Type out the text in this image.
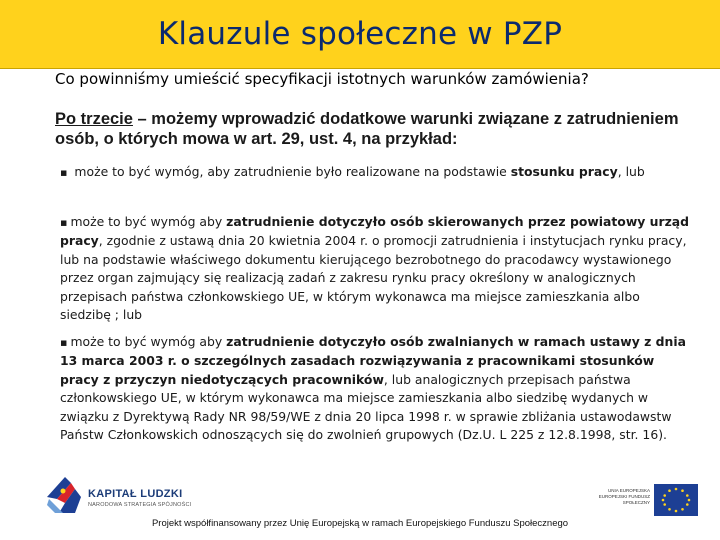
Klauzule społeczne w PZP
Co powinniśmy umieścić specyfikacji istotnych warunków zamówienia?
Po trzecie – możemy wprowadzić dodatkowe warunki związane z zatrudnieniem osób, o których mowa w art. 29, ust. 4, na przykład:
▪ może to być wymóg, aby zatrudnienie było realizowane na podstawie stosunku pracy, lub
▪ może to być wymóg aby zatrudnienie dotyczyło osób skierowanych przez powiatowy urząd pracy, zgodnie z ustawą dnia 20 kwietnia 2004 r. o promocji zatrudnienia i instytucjach rynku pracy, lub na podstawie właściwego dokumentu kierującego bezrobotnego do pracodawcy wystawionego przez organ zajmujący się realizacją zadań z zakresu rynku pracy określony w analogicznych przepisach państwa członkowskiego UE, w którym wykonawca ma miejsce zamieszkania albo siedzibę ; lub
▪ może to być wymóg aby zatrudnienie dotyczyło osób zwalnianych w ramach ustawy z dnia 13 marca 2003 r. o szczególnych zasadach rozwiązywania z pracownikami stosunków pracy z przyczyn niedotyczących pracowników, lub analogicznych przepisach państwa członkowskiego UE, w którym wykonawca ma miejsce zamieszkania albo siedzibę wydanych w związku z Dyrektywą Rady NR 98/59/WE z dnia 20 lipca 1998 r. w sprawie zbliżania ustawodawstw Państw Członkowskich odnoszących się do zwolnień grupowych (Dz.U. L 225 z 12.8.1998, str. 16).
KAPITAŁ LUDZKI
NARODOWA STRATEGIA SPÓJNOŚCI
UNIA EUROPEJSKA EUROPEJSKI FUNDUSZ SPOŁECZNY
Projekt współfinansowany przez Unię Europejską w ramach Europejskiego Funduszu Społecznego
